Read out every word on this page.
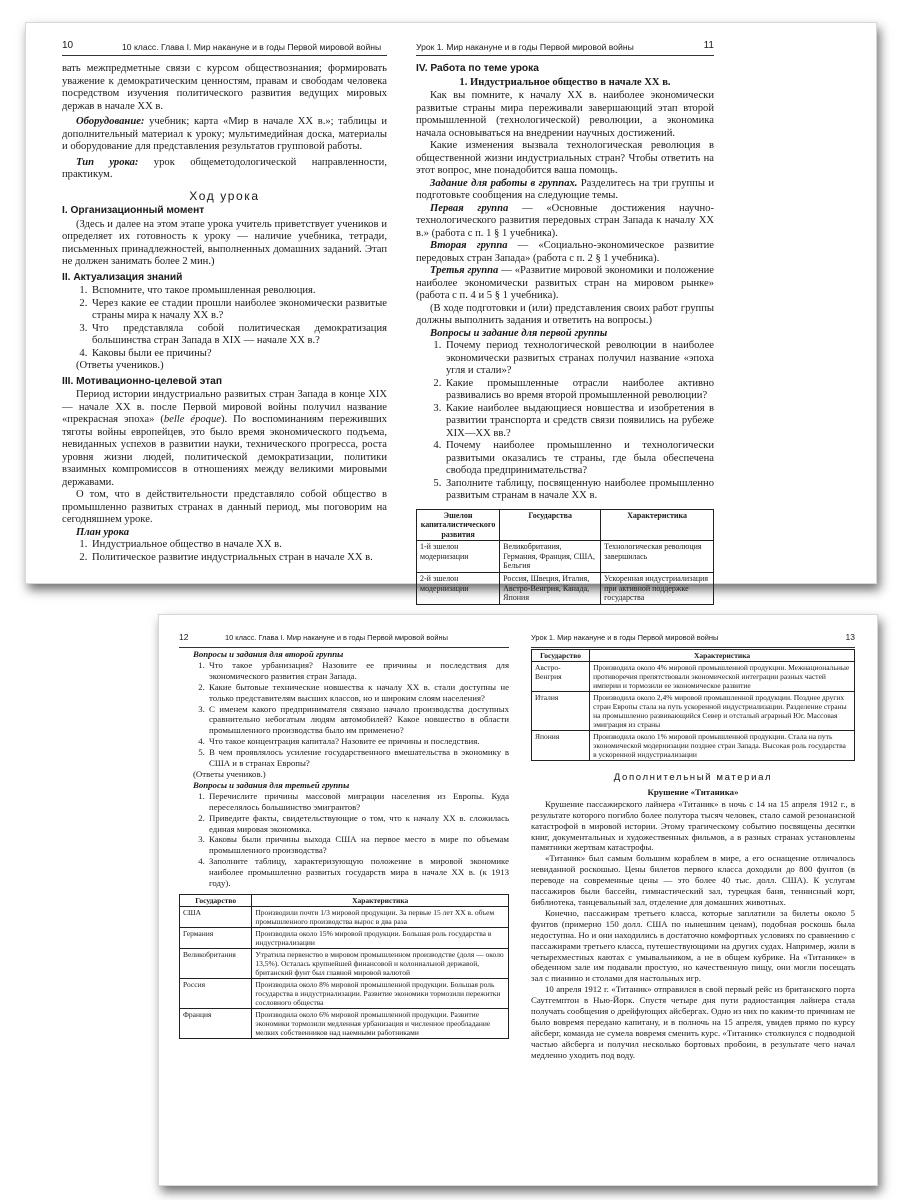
10	10 класс. Глава I. Мир накануне и в годы Первой мировой войны

вать межпредметные связи с курсом обществознания; формировать уважение к демократическим ценностям, правам и свободам человека посредством изучения политического развития ведущих мировых держав в начале XX в.

Оборудование: учебник; карта «Мир в начале XX в.»; таблицы и дополнительный материал к уроку; мультимедийная доска, материалы и оборудование для представления результатов групповой работы.

Тип урока: урок общеметодологической направленности, практикум.

Ход урока
I. Организационный момент

(Здесь и далее на этом этапе урока учитель приветствует учеников и определяет их готовность к уроку — наличие учебника, тетради, письменных принадлежностей, выполненных домашних заданий. Этап не должен занимать более 2 мин.)

II. Актуализация знаний
1. Вспомните, что такое промышленная революция.
2. Через какие ее стадии прошли наиболее экономически развитые страны мира к началу XX в.?
3. Что представляла собой политическая демократизация большинства стран Запада в XIX — начале XX в.?
4. Каковы были ее причины?

(Ответы учеников.)

III. Мотивационно-целевой этап

Период истории индустриально развитых стран Запада в конце XIX — начале XX в. после Первой мировой войны получил название «прекрасная эпоха» (belle époque). По воспоминаниям переживших тяготы войны европейцев, это было время экономического подъема, невиданных успехов в развитии науки, технического прогресса, роста уровня жизни людей, политической демократизации, политики взаимных компромиссов в отношениях между великими мировыми державами.

О том, что в действительности представляло собой общество в промышленно развитых странах в данный период, мы поговорим на сегодняшнем уроке.

План урока
1. Индустриальное общество в начале XX в.
2. Политическое развитие индустриальных стран в начале XX в.
Урок 1. Мир накануне и в годы Первой мировой войны	11
IV. Работа по теме урока
1. Индустриальное общество в начале XX в.

Как вы помните, к началу XX в. наиболее экономически развитые страны мира переживали завершающий этап второй промышленной (технологической) революции, а экономика начала основываться на внедрении научных достижений.

Какие изменения вызвала технологическая революция в общественной жизни индустриальных стран? Чтобы ответить на этот вопрос, мне понадобится ваша помощь.

Задание для работы в группах. Разделитесь на три группы и подготовьте сообщения на следующие темы.

Первая группа — «Основные достижения научно-технологического развития передовых стран Запада к началу XX в.» (работа с п. 1 § 1 учебника).

Вторая группа — «Социально-экономическое развитие передовых стран Запада» (работа с п. 2 § 1 учебника).

Третья группа — «Развитие мировой экономики и положение наиболее экономически развитых стран на мировом рынке» (работа с п. 4 и 5 § 1 учебника).

(В ходе подготовки и (или) представления своих работ группы должны выполнить задания и ответить на вопросы.)

Вопросы и задание для первой группы
1. Почему период технологической революции в наиболее экономически развитых странах получил название «эпоха угля и стали»?
2. Какие промышленные отрасли наиболее активно развивались во время второй промышленной революции?
3. Какие наиболее выдающиеся новшества и изобретения в развитии транспорта и средств связи появились на рубеже XIX—XX вв.?
4. Почему наиболее промышленно и технологически развитыми оказались те страны, где была обеспечена свобода предпринимательства?
5. Заполните таблицу, посвященную наиболее промышленно развитым странам в начале XX в.
Эшелон капиталистического развития	Государства	Характеристика
1-й эшелон модернизации	Великобритания, Германия, Франция, США, Бельгия	Технологическая революция завершилась
2-й эшелон модернизации	Россия, Швеция, Италия, Австро-Венгрия, Канада, Япония	Ускоренная индустриализация при активной поддержке государства
12	10 класс. Глава I. Мир накануне и в годы Первой мировой войны
Вопросы и задания для второй группы
1. Что такое урбанизация? Назовите ее причины и последствия для экономического развития стран Запада.
2. Какие бытовые технические новшества к началу XX в. стали доступны не только представителям высших классов, но и широким слоям населения?
3. С именем какого предпринимателя связано начало производства доступных сравнительно небогатым людям автомобилей? Какое новшество в области промышленного производства было им применено?
4. Что такое концентрация капитала? Назовите ее причины и последствия.
5. В чем проявлялось усиление государственного вмешательства в экономику в США и в странах Европы?

(Ответы учеников.)

Вопросы и задания для третьей группы
1. Перечислите причины массовой миграции населения из Европы. Куда переселялось большинство эмигрантов?
2. Приведите факты, свидетельствующие о том, что к началу XX в. сложилась единая мировая экономика.
3. Каковы были причины выхода США на первое место в мире по объемам промышленного производства?
4. Заполните таблицу, характеризующую положение в мировой экономике наиболее промышленно развитых государств мира в начале XX в. (к 1913 году).
Государство	Характеристика
США	Производили почти 1/3 мировой продукции. За первые 15 лет XX в. объем промышленного производства вырос в два раза
Германия	Производила около 15% мировой продукции. Большая роль государства в индустриализации
Великобритания	Утратила первенство в мировом промышленном производстве (доля — около 13,5%). Осталась крупнейшей финансовой и колониальной державой, британский фунт был главной мировой валютой
Россия	Производила около 8% мировой промышленной продукции. Большая роль государства в индустриализации. Развитие экономики тормозили пережитки сословного общества
Франция	Производила около 6% мировой промышленной продукции. Развитие экономики тормозили медленная урбанизация и численное преобладание мелких собственников над наемными работниками
Урок 1. Мир накануне и в годы Первой мировой войны	13
Государство	Характеристика
Австро-Венгрия	Производила около 4% мировой промышленной продукции. Межнациональные противоречия препятствовали экономической интеграции разных частей империи и тормозили ее экономическое развитие
Италия	Производила около 2,4% мировой промышленной продукции. Позднее других стран Европы стала на путь ускоренной индустриализации. Разделение страны на промышленно развивающийся Север и отсталый аграрный Юг. Массовая эмиграция из страны
Япония	Производила около 1% мировой промышленной продукции. Стала на путь экономической модернизации позднее стран Запада. Высокая роль государства в ускоренной индустриализации
Дополнительный материал
Крушение «Титаника»

Крушение пассажирского лайнера «Титаник» в ночь с 14 на 15 апреля 1912 г., в результате которого погибло более полутора тысяч человек, стало самой резонансной катастрофой в мировой истории. Этому трагическому событию посвящены десятки книг, документальных и художественных фильмов, а в разных странах установлены памятники жертвам катастрофы.

«Титаник» был самым большим кораблем в мире, а его оснащение отличалось невиданной роскошью. Цены билетов первого класса доходили до 800 фунтов (в переводе на современные цены — это более 40 тыс. долл. США). К услугам пассажиров были бассейн, гимнастический зал, турецкая баня, теннисный корт, библиотека, танцевальный зал, отделение для домашних животных.

Конечно, пассажирам третьего класса, которые заплатили за билеты около 5 фунтов (примерно 150 долл. США по нынешним ценам), подобная роскошь была недоступна. Но и они находились в достаточно комфортных условиях по сравнению с пассажирами третьего класса, путешествующими на других судах. Например, жили в четырехместных каютах с умывальником, а не в общем кубрике. На «Титанике» в обеденном зале им подавали простую, но качественную пищу, они могли посещать зал с пианино и столами для настольных игр.

10 апреля 1912 г. «Титаник» отправился в свой первый рейс из британского порта Саутгемптон в Нью-Йорк. Спустя четыре дня пути радиостанция лайнера стала получать сообщения о дрейфующих айсбергах. Одно из них по каким-то причинам не было вовремя передано капитану, и в полночь на 15 апреля, увидев прямо по курсу айсберг, команда не сумела вовремя сменить курс. «Титаник» столкнулся с подводной частью айсберга и получил несколько бортовых пробоин, в результате чего начал медленно уходить под воду.
